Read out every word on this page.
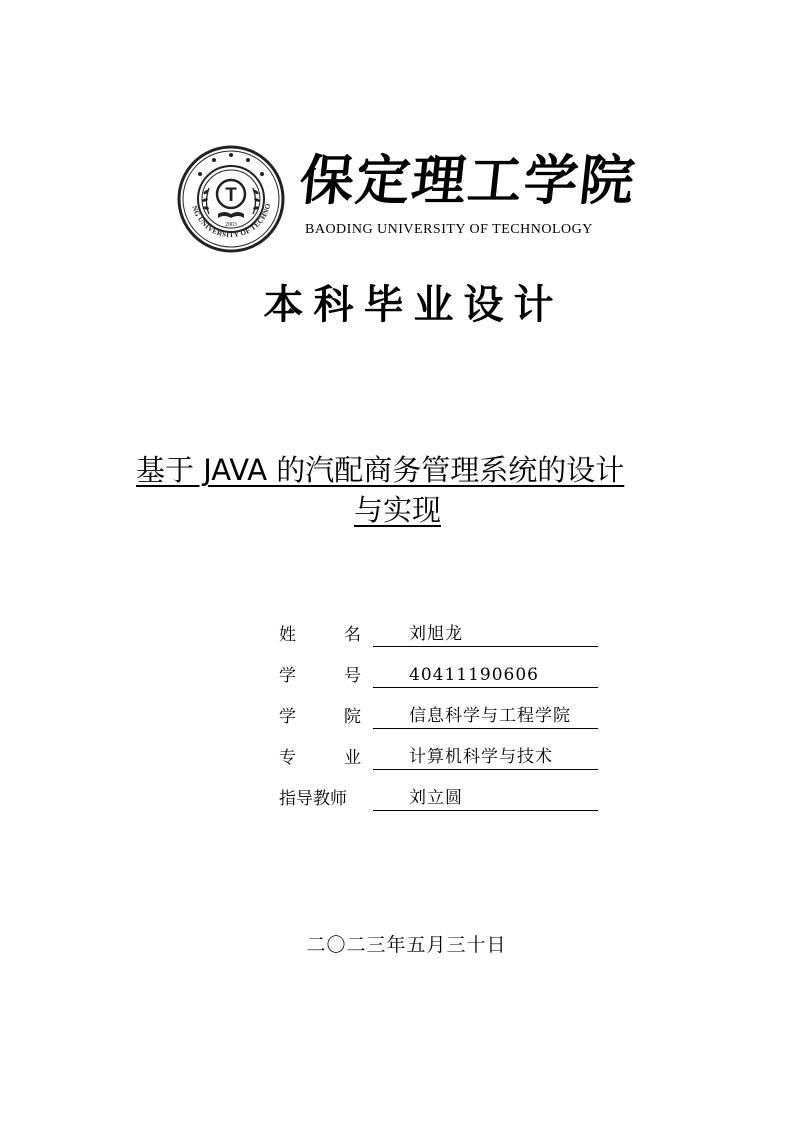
NG UNIVERSITY OF TECHNO
T
2003
保定理工学院
BAODING UNIVERSITY OF TECHNOLOGY
本科毕业设计
基于 JAVA 的汽配商务管理系统的设计
与实现
姓	名	刘旭龙
学	号	40411190606
学	院	信息科学与工程学院
专	业	计算机科学与技术
指导教师	刘立圆
二〇二三年五月三十日
